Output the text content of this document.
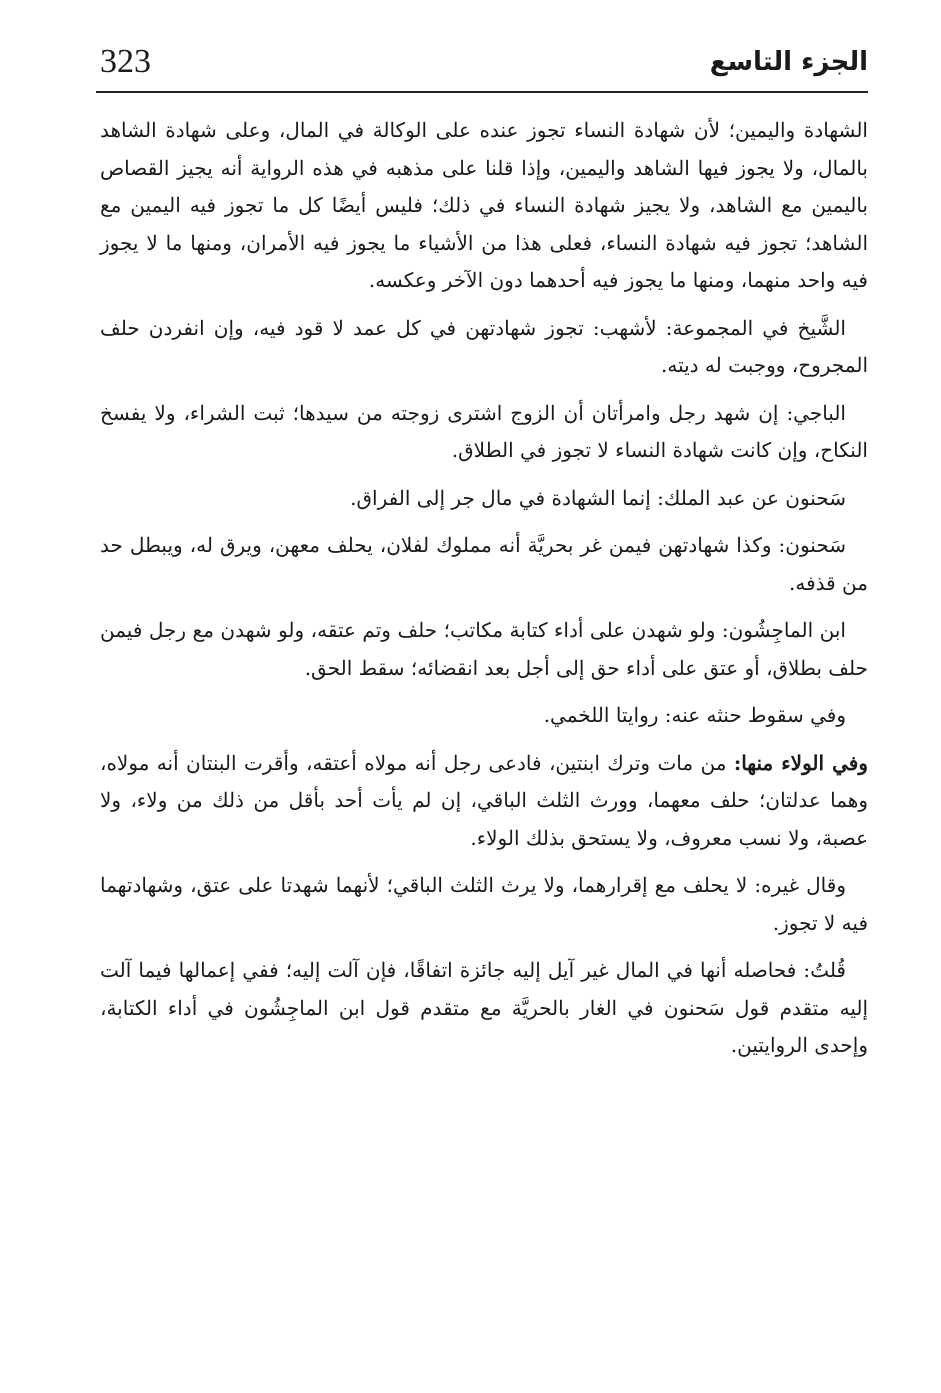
323	الجزء التاسع

الشهادة واليمين؛ لأن شهادة النساء تجوز عنده على الوكالة في المال، وعلى شهادة الشاهد بالمال، ولا يجوز فيها الشاهد واليمين، وإذا قلنا على مذهبه في هذه الرواية أنه يجيز القصاص باليمين مع الشاهد، ولا يجيز شهادة النساء في ذلك؛ فليس أيضًا كل ما تجوز فيه اليمين مع الشاهد؛ تجوز فيه شهادة النساء، فعلى هذا من الأشياء ما يجوز فيه الأمران، ومنها ما لا يجوز فيه واحد منهما، ومنها ما يجوز فيه أحدهما دون الآخر وعكسه.

الشَّيخ في المجموعة: لأشهب: تجوز شهادتهن في كل عمد لا قود فيه، وإن انفردن حلف المجروح، ووجبت له ديته.

الباجي: إن شهد رجل وامرأتان أن الزوج اشترى زوجته من سيدها؛ ثبت الشراء، ولا يفسخ النكاح، وإن كانت شهادة النساء لا تجوز في الطلاق.

سَحنون عن عبد الملك: إنما الشهادة في مال جر إلى الفراق.

سَحنون: وكذا شهادتهن فيمن غر بحريَّة أنه مملوك لفلان، يحلف معهن، ويرق له، ويبطل حد من قذفه.

ابن الماجِشُون: ولو شهدن على أداء كتابة مكاتب؛ حلف وتم عتقه، ولو شهدن مع رجل فيمن حلف بطلاق، أو عتق على أداء حق إلى أجل بعد انقضائه؛ سقط الحق.

وفي سقوط حنثه عنه: روايتا اللخمي.

وفي الولاء منها: من مات وترك ابنتين، فادعى رجل أنه مولاه أعتقه، وأقرت البنتان أنه مولاه، وهما عدلتان؛ حلف معهما، وورث الثلث الباقي، إن لم يأت أحد بأقل من ذلك من ولاء، ولا عصبة، ولا نسب معروف، ولا يستحق بذلك الولاء.

وقال غيره: لا يحلف مع إقرارهما، ولا يرث الثلث الباقي؛ لأنهما شهدتا على عتق، وشهادتهما فيه لا تجوز.

قُلتُ: فحاصله أنها في المال غير آيل إليه جائزة اتفاقًا، فإن آلت إليه؛ ففي إعمالها فيما آلت إليه متقدم قول سَحنون في الغار بالحريَّة مع متقدم قول ابن الماجِشُون في أداء الكتابة، وإحدى الروايتين.
